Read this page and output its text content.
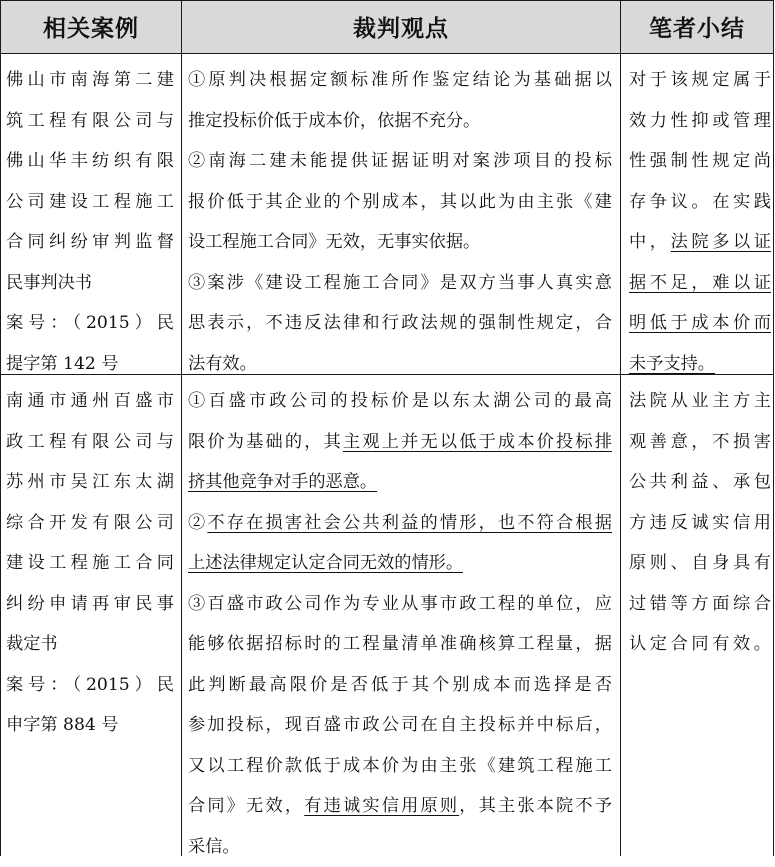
相关案例	裁判观点	笔者小结
佛山市南海第二建
筑工程有限公司与
佛山华丰纺织有限
公司建设工程施工
合同纠纷审判监督
民事判决书
案号：（2015）民
提字第 142 号
①原判决根据定额标准所作鉴定结论为基础据以
推定投标价低于成本价，依据不充分。
②南海二建未能提供证据证明对案涉项目的投标
报价低于其企业的个别成本，其以此为由主张《建
设工程施工合同》无效，无事实依据。
③案涉《建设工程施工合同》是双方当事人真实意
思表示，不违反法律和行政法规的强制性规定，合
法有效。
对于该规定属于
效力性抑或管理
性强制性规定尚
存争议。在实践
中，法院多以证
据不足，难以证
明低于成本价而
未予支持。
南通市通州百盛市
政工程有限公司与
苏州市吴江东太湖
综合开发有限公司
建设工程施工合同
纠纷申请再审民事
裁定书
案号：（2015）民
申字第 884 号
①百盛市政公司的投标价是以东太湖公司的最高
限价为基础的，其主观上并无以低于成本价投标排
挤其他竞争对手的恶意。
②不存在损害社会公共利益的情形，也不符合根据
上述法律规定认定合同无效的情形。
③百盛市政公司作为专业从事市政工程的单位，应
能够依据招标时的工程量清单准确核算工程量，据
此判断最高限价是否低于其个别成本而选择是否
参加投标，现百盛市政公司在自主投标并中标后，
又以工程价款低于成本价为由主张《建筑工程施工
合同》无效，有违诚实信用原则，其主张本院不予
采信。
法院从业主方主
观善意，不损害
公共利益、承包
方违反诚实信用
原则、自身具有
过错等方面综合
认定合同有效。
